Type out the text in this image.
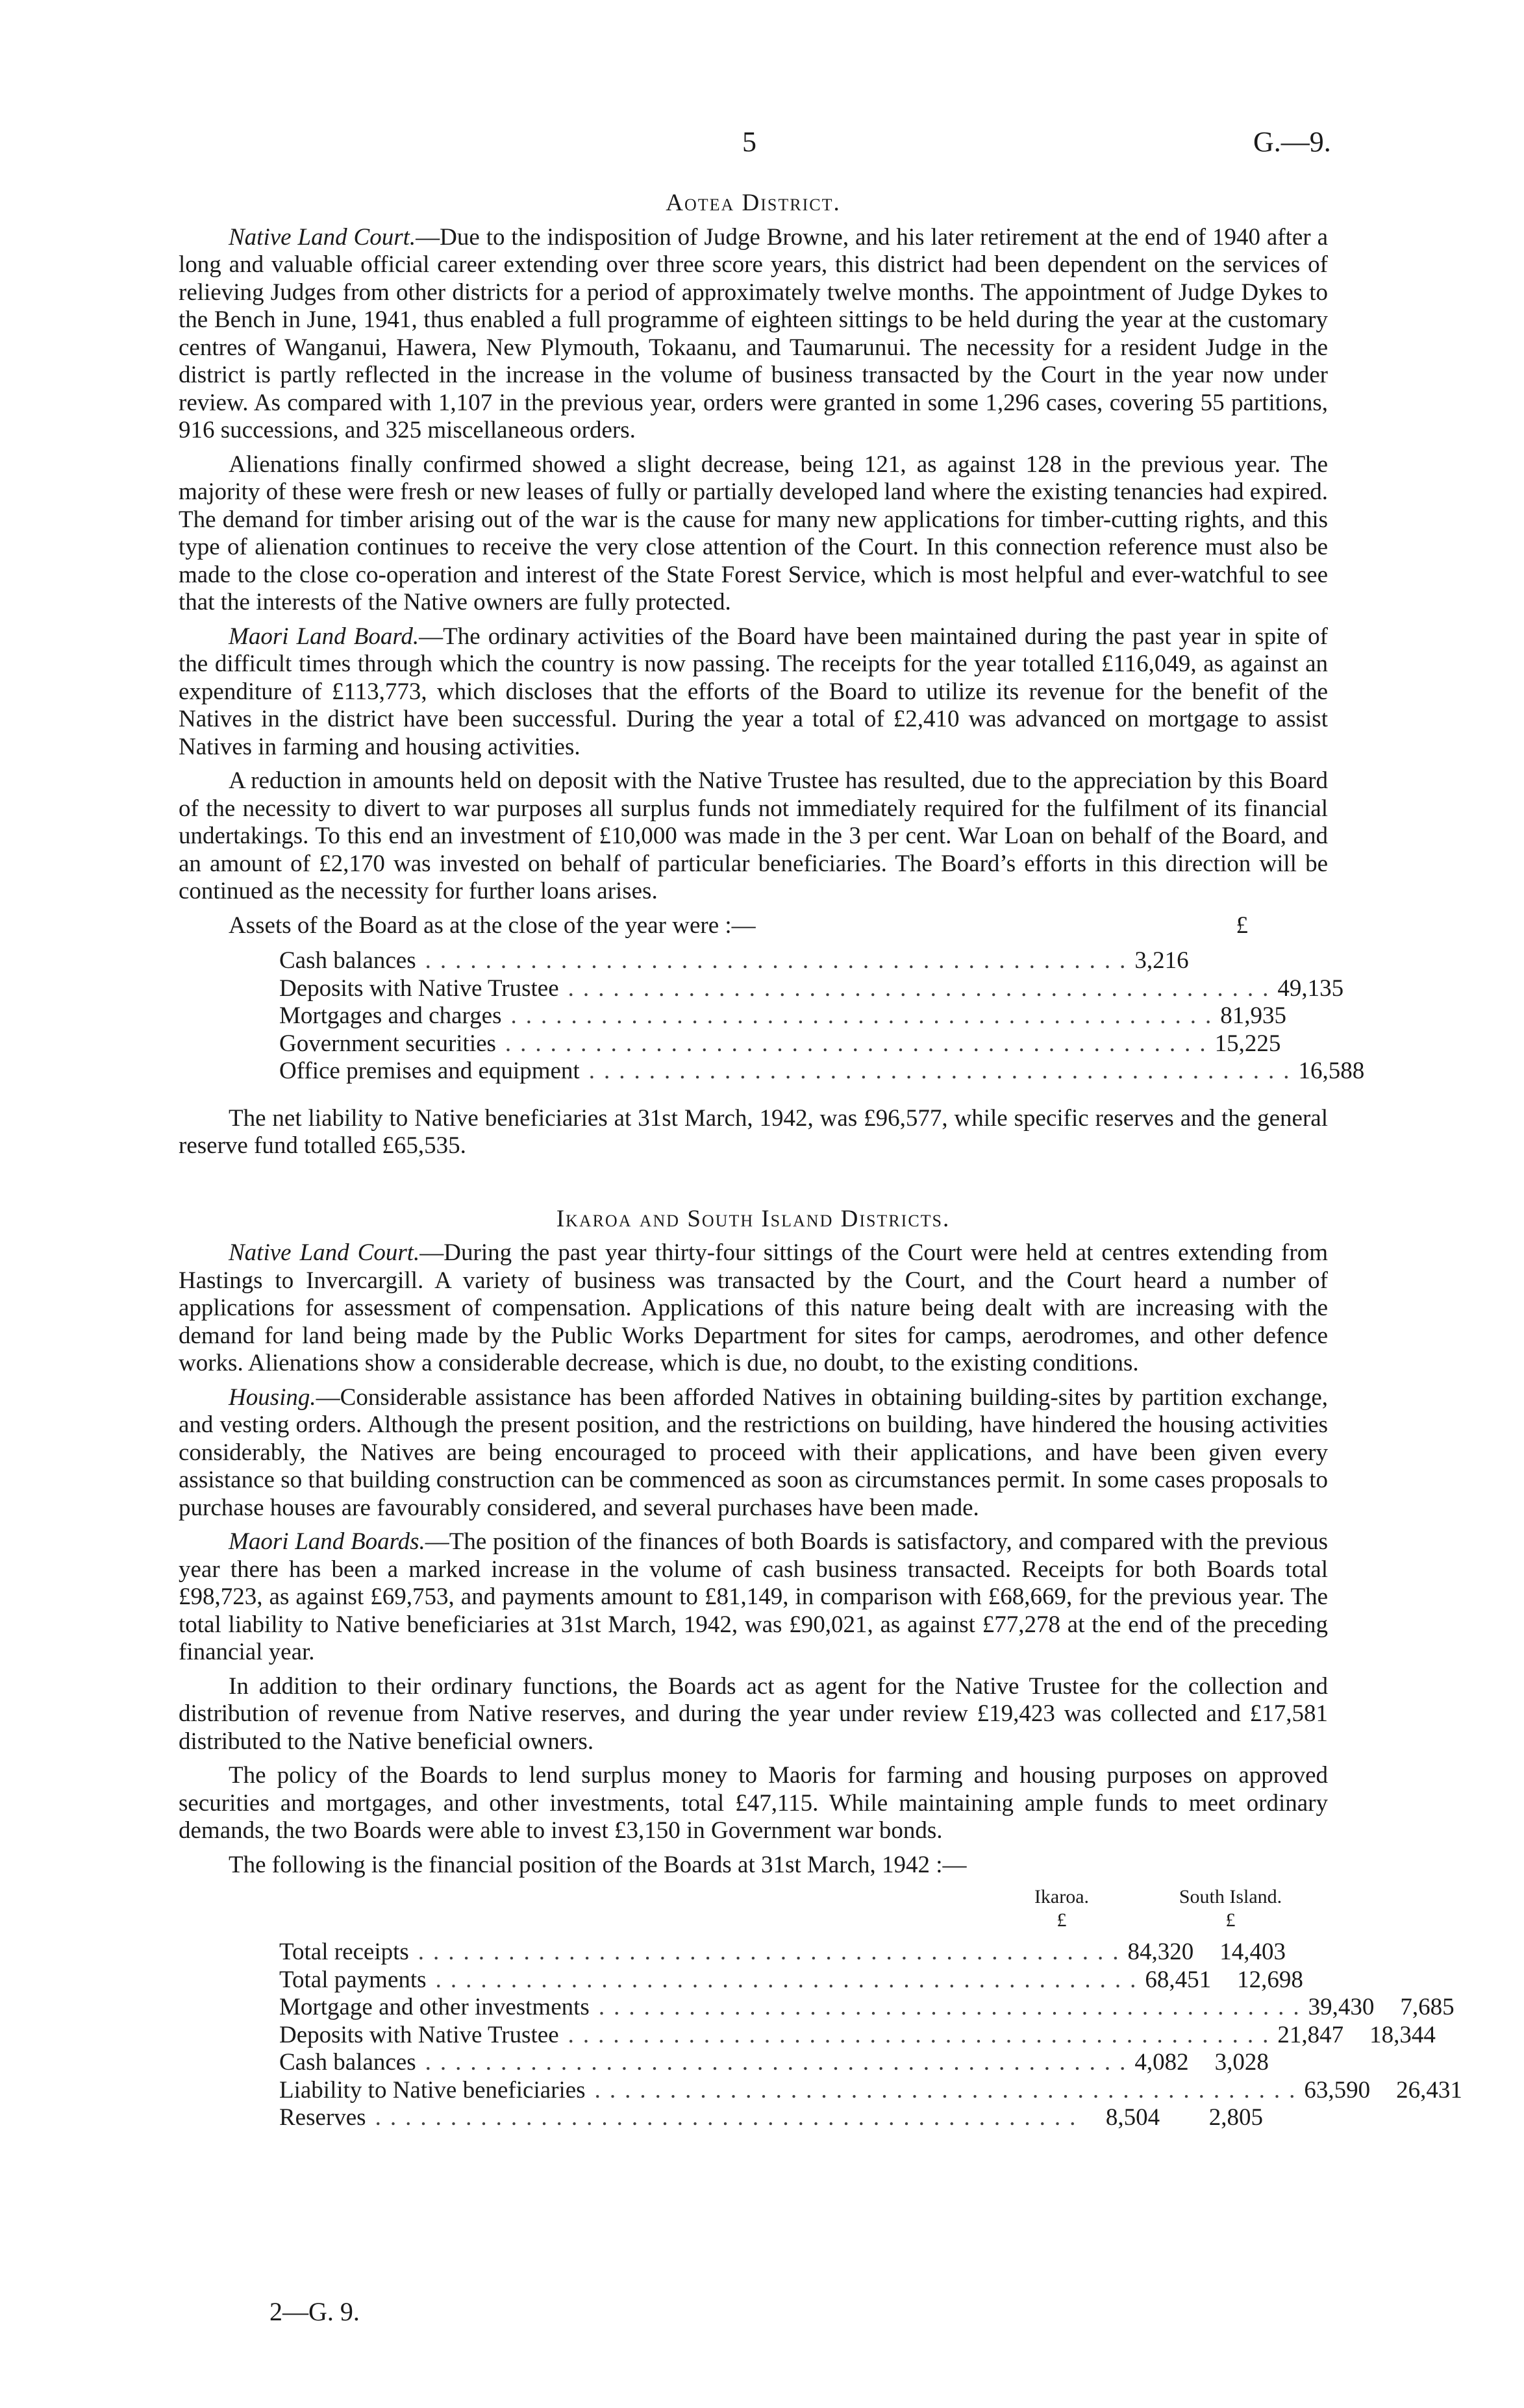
5	G.—9.
Aotea District.

Native Land Court.—Due to the indisposition of Judge Browne, and his later retirement at the end of 1940 after a long and valuable official career extending over three score years, this district had been dependent on the services of relieving Judges from other districts for a period of approximately twelve months. The appointment of Judge Dykes to the Bench in June, 1941, thus enabled a full programme of eighteen sittings to be held during the year at the customary centres of Wanganui, Hawera, New Plymouth, Tokaanu, and Taumarunui. The necessity for a resident Judge in the district is partly reflected in the increase in the volume of business transacted by the Court in the year now under review. As compared with 1,107 in the previous year, orders were granted in some 1,296 cases, covering 55 partitions, 916 successions, and 325 miscellaneous orders.

Alienations finally confirmed showed a slight decrease, being 121, as against 128 in the previous year. The majority of these were fresh or new leases of fully or partially developed land where the existing tenancies had expired. The demand for timber arising out of the war is the cause for many new applications for timber-cutting rights, and this type of alienation continues to receive the very close attention of the Court. In this connection reference must also be made to the close co-operation and interest of the State Forest Service, which is most helpful and ever-watchful to see that the interests of the Native owners are fully protected.

Maori Land Board.—The ordinary activities of the Board have been maintained during the past year in spite of the difficult times through which the country is now passing. The receipts for the year totalled £116,049, as against an expenditure of £113,773, which discloses that the efforts of the Board to utilize its revenue for the benefit of the Natives in the district have been successful. During the year a total of £2,410 was advanced on mortgage to assist Natives in farming and housing activities.

A reduction in amounts held on deposit with the Native Trustee has resulted, due to the appreciation by this Board of the necessity to divert to war purposes all surplus funds not immediately required for the fulfilment of its financial undertakings. To this end an investment of £10,000 was made in the 3 per cent. War Loan on behalf of the Board, and an amount of £2,170 was invested on behalf of particular beneficiaries. The Board’s efforts in this direction will be continued as the necessity for further loans arises.

Assets of the Board as at the close of the year were :—	£
Cash balances ............................................... 3,216
Deposits with Native Trustee ............................................... 49,135
Mortgages and charges ............................................... 81,935
Government securities ............................................... 15,225
Office premises and equipment ............................................... 16,588

The net liability to Native beneficiaries at 31st March, 1942, was £96,577, while specific reserves and the general reserve fund totalled £65,535.

Ikaroa and South Island Districts.

Native Land Court.—During the past year thirty-four sittings of the Court were held at centres extending from Hastings to Invercargill. A variety of business was transacted by the Court, and the Court heard a number of applications for assessment of compensation. Applications of this nature being dealt with are increasing with the demand for land being made by the Public Works Department for sites for camps, aerodromes, and other defence works. Alienations show a considerable decrease, which is due, no doubt, to the existing conditions.

Housing.—Considerable assistance has been afforded Natives in obtaining building-sites by partition exchange, and vesting orders. Although the present position, and the restrictions on building, have hindered the housing activities considerably, the Natives are being encouraged to proceed with their applications, and have been given every assistance so that building construction can be commenced as soon as circumstances permit. In some cases proposals to purchase houses are favourably considered, and several purchases have been made.

Maori Land Boards.—The position of the finances of both Boards is satisfactory, and compared with the previous year there has been a marked increase in the volume of cash business transacted. Receipts for both Boards total £98,723, as against £69,753, and payments amount to £81,149, in comparison with £68,669, for the previous year. The total liability to Native beneficiaries at 31st March, 1942, was £90,021, as against £77,278 at the end of the preceding financial year.

In addition to their ordinary functions, the Boards act as agent for the Native Trustee for the collection and distribution of revenue from Native reserves, and during the year under review £19,423 was collected and £17,581 distributed to the Native beneficial owners.

The policy of the Boards to lend surplus money to Maoris for farming and housing purposes on approved securities and mortgages, and other investments, total £47,115. While maintaining ample funds to meet ordinary demands, the two Boards were able to invest £3,150 in Government war bonds.

The following is the financial position of the Boards at 31st March, 1942 :—
Ikaroa.
£
South Island.
£
Total receipts ............................................... 84,320	14,403
Total payments ............................................... 68,451	12,698
Mortgage and other investments ............................................... 39,430	7,685
Deposits with Native Trustee ............................................... 21,847	18,344
Cash balances ............................................... 4,082	3,028
Liability to Native beneficiaries ............................................... 63,590	26,431
Reserves ............................................... 8,504	2,805
2—G. 9.
